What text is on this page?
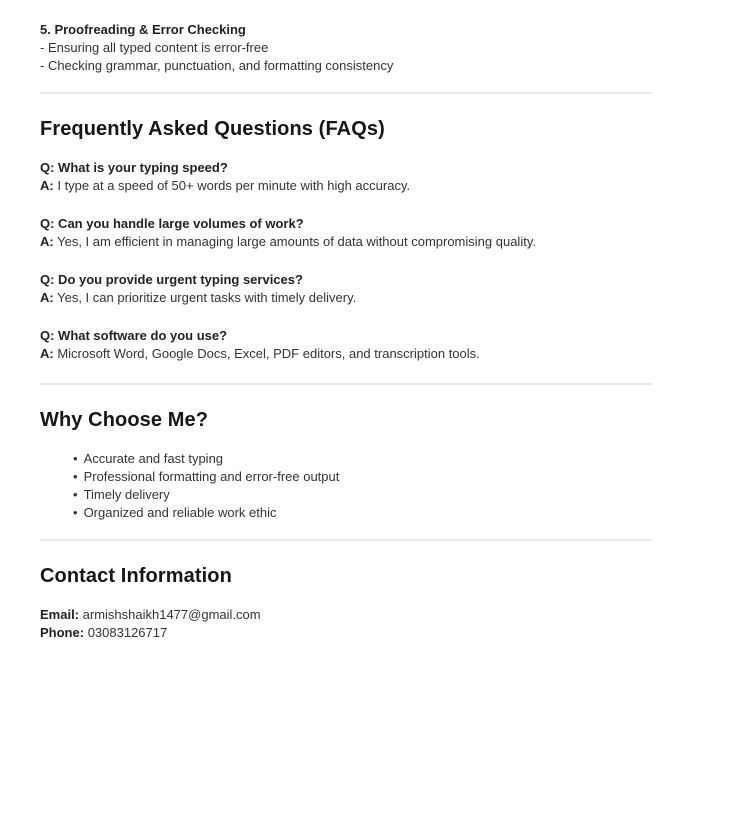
5. Proofreading & Error Checking

- Ensuring all typed content is error-free

- Checking grammar, punctuation, and formatting consistency

Frequently Asked Questions (FAQs)

Q: What is your typing speed?

A: I type at a speed of 50+ words per minute with high accuracy.

Q: Can you handle large volumes of work?

A: Yes, I am efficient in managing large amounts of data without compromising quality.

Q: Do you provide urgent typing services?

A: Yes, I can prioritize urgent tasks with timely delivery.

Q: What software do you use?

A: Microsoft Word, Google Docs, Excel, PDF editors, and transcription tools.

Why Choose Me?
• Accurate and fast typing
• Professional formatting and error-free output
• Timely delivery
• Organized and reliable work ethic
Contact Information

Email: armishshaikh1477@gmail.com

Phone: 03083126717
